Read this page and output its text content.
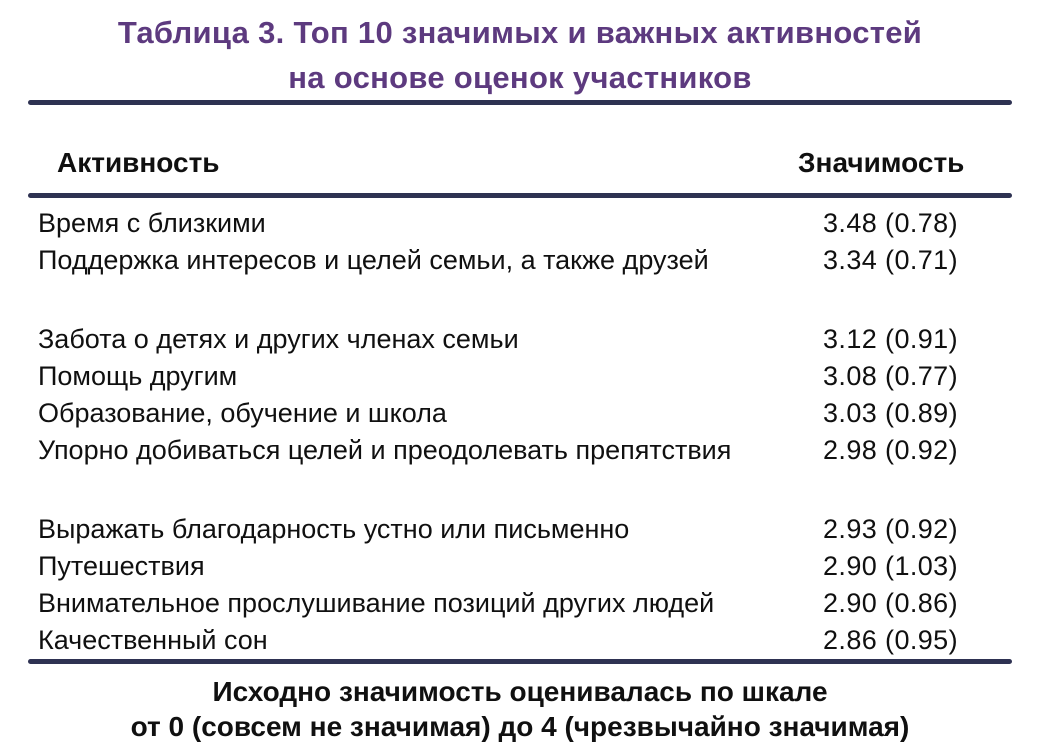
Таблица 3. Топ 10 значимых и важных активностей
на основе оценок участников
Активность	Значимость
Время с близкими	3.48 (0.78)
Поддержка интересов и целей семьи, а также друзей	3.34 (0.71)
Забота о детях и других членах семьи	3.12 (0.91)
Помощь другим	3.08 (0.77)
Образование, обучение и школа	3.03 (0.89)
Упорно добиваться целей и преодолевать препятствия	2.98 (0.92)
Выражать благодарность устно или письменно	2.93 (0.92)
Путешествия	2.90 (1.03)
Внимательное прослушивание позиций других людей	2.90 (0.86)
Качественный сон	2.86 (0.95)
Исходно значимость оценивалась по шкале
от 0 (совсем не значимая) до 4 (чрезвычайно значимая)
